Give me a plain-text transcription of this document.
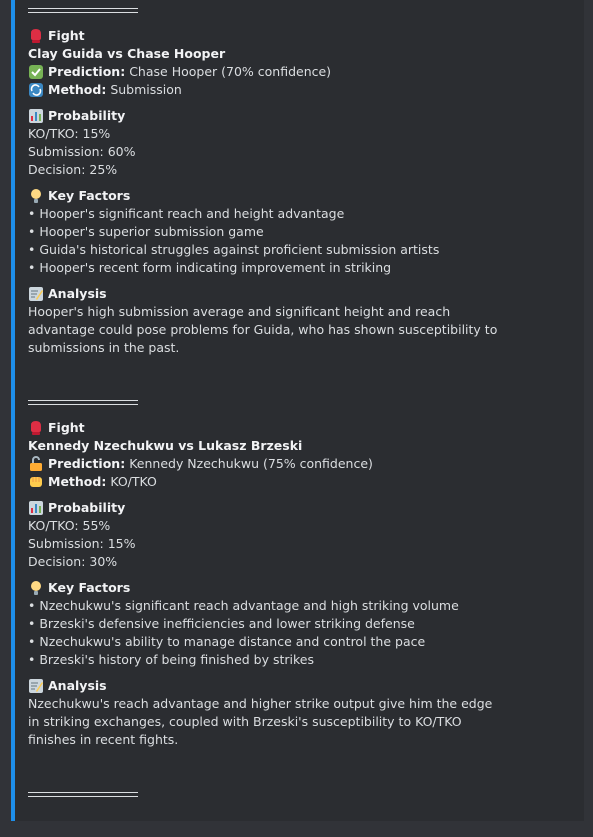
Fight
Clay Guida vs Chase Hooper
Prediction: Chase Hooper (70% confidence)
Method: Submission
Probability
KO/TKO: 15%
Submission: 60%
Decision: 25%
Key Factors
• Hooper's significant reach and height advantage
• Hooper's superior submission game
• Guida's historical struggles against proficient submission artists
• Hooper's recent form indicating improvement in striking
Analysis
Hooper's high submission average and significant height and reach advantage could pose problems for Guida, who has shown susceptibility to submissions in the past.
Fight
Kennedy Nzechukwu vs Lukasz Brzeski
Prediction: Kennedy Nzechukwu (75% confidence)
Method: KO/TKO
Probability
KO/TKO: 55%
Submission: 15%
Decision: 30%
Key Factors
• Nzechukwu's significant reach advantage and high striking volume
• Brzeski's defensive inefficiencies and lower striking defense
• Nzechukwu's ability to manage distance and control the pace
• Brzeski's history of being finished by strikes
Analysis
Nzechukwu's reach advantage and higher strike output give him the edge in striking exchanges, coupled with Brzeski's susceptibility to KO/TKO finishes in recent fights.
